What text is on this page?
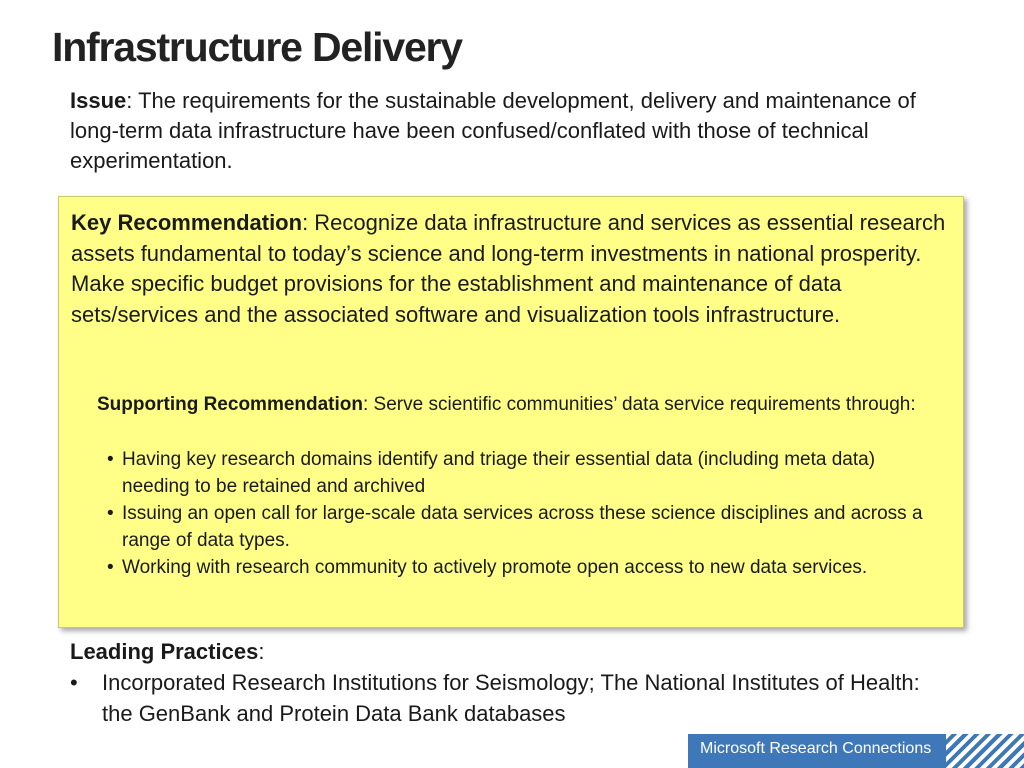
Infrastructure Delivery

Issue: The requirements for the sustainable development, delivery and maintenance of long-term data infrastructure have been confused/conflated with those of technical experimentation.

Key Recommendation: Recognize data infrastructure and services as essential research assets fundamental to today’s science and long-term investments in national prosperity. Make specific budget provisions for the establishment and maintenance of data sets/services and the associated software and visualization tools infrastructure.

Supporting Recommendation: Serve scientific communities’ data service requirements through:

• Having key research domains identify and triage their essential data (including meta data) needing to be retained and archived
• Issuing an open call for large-scale data services across these science disciplines and across a range of data types.
• Working with research community to actively promote open access to new data services.

Leading Practices:

• Incorporated Research Institutions for Seismology; The National Institutes of Health: the GenBank and Protein Data Bank databases
Microsoft Research Connections
